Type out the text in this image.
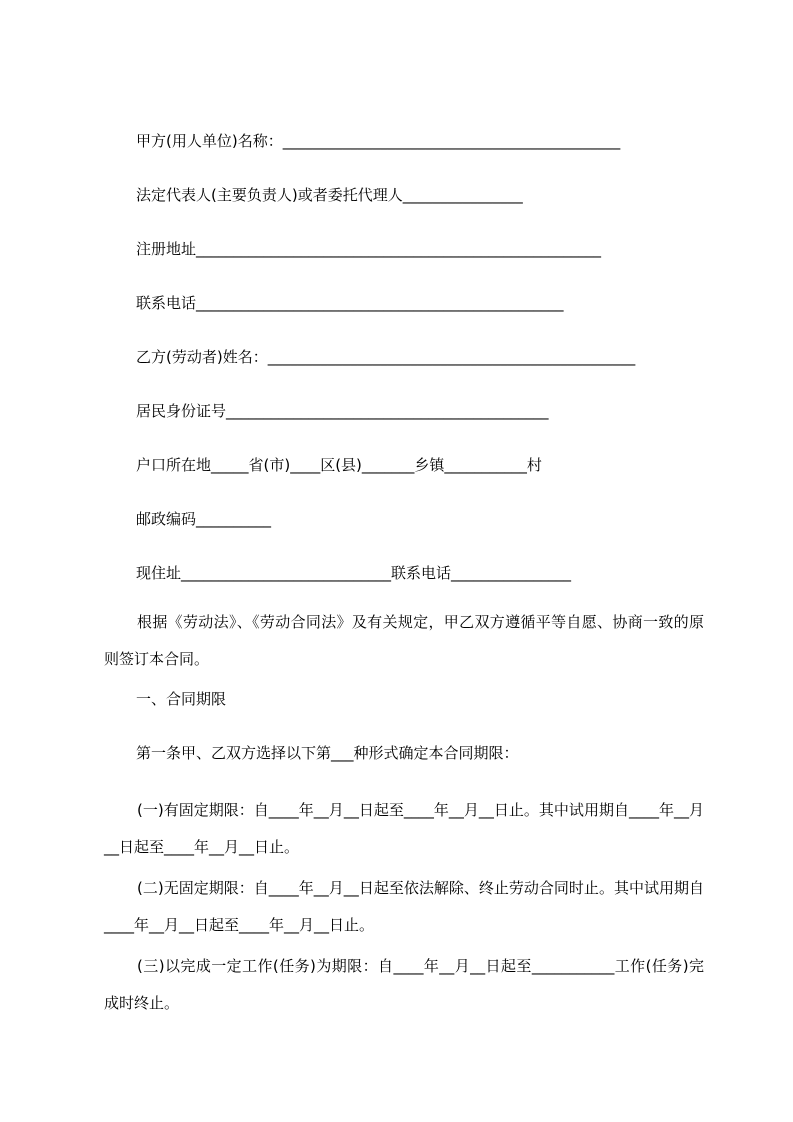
甲方(用人单位)名称：_____________________________________________
法定代表人(主要负责人)或者委托代理人________________
注册地址______________________________________________________
联系电话_________________________________________________
乙方(劳动者)姓名：_________________________________________________
居民身份证号___________________________________________
户口所在地_____省(市)____区(县)_______乡镇___________村
邮政编码__________
现住址____________________________联系电话________________
根据《劳动法》、《劳动合同法》及有关规定，甲乙双方遵循平等自愿、协商一致的原则签订本合同。
一、合同期限
第一条甲、乙双方选择以下第___种形式确定本合同期限：
(一)有固定期限：自____年__月__日起至____年__月__日止。其中试用期自____年__月__日起至____年__月__日止。
(二)无固定期限：自____年__月__日起至依法解除、终止劳动合同时止。其中试用期自____年__月__日起至____年__月__日止。
(三)以完成一定工作(任务)为期限：自____年__月__日起至___________工作(任务)完成时终止。
